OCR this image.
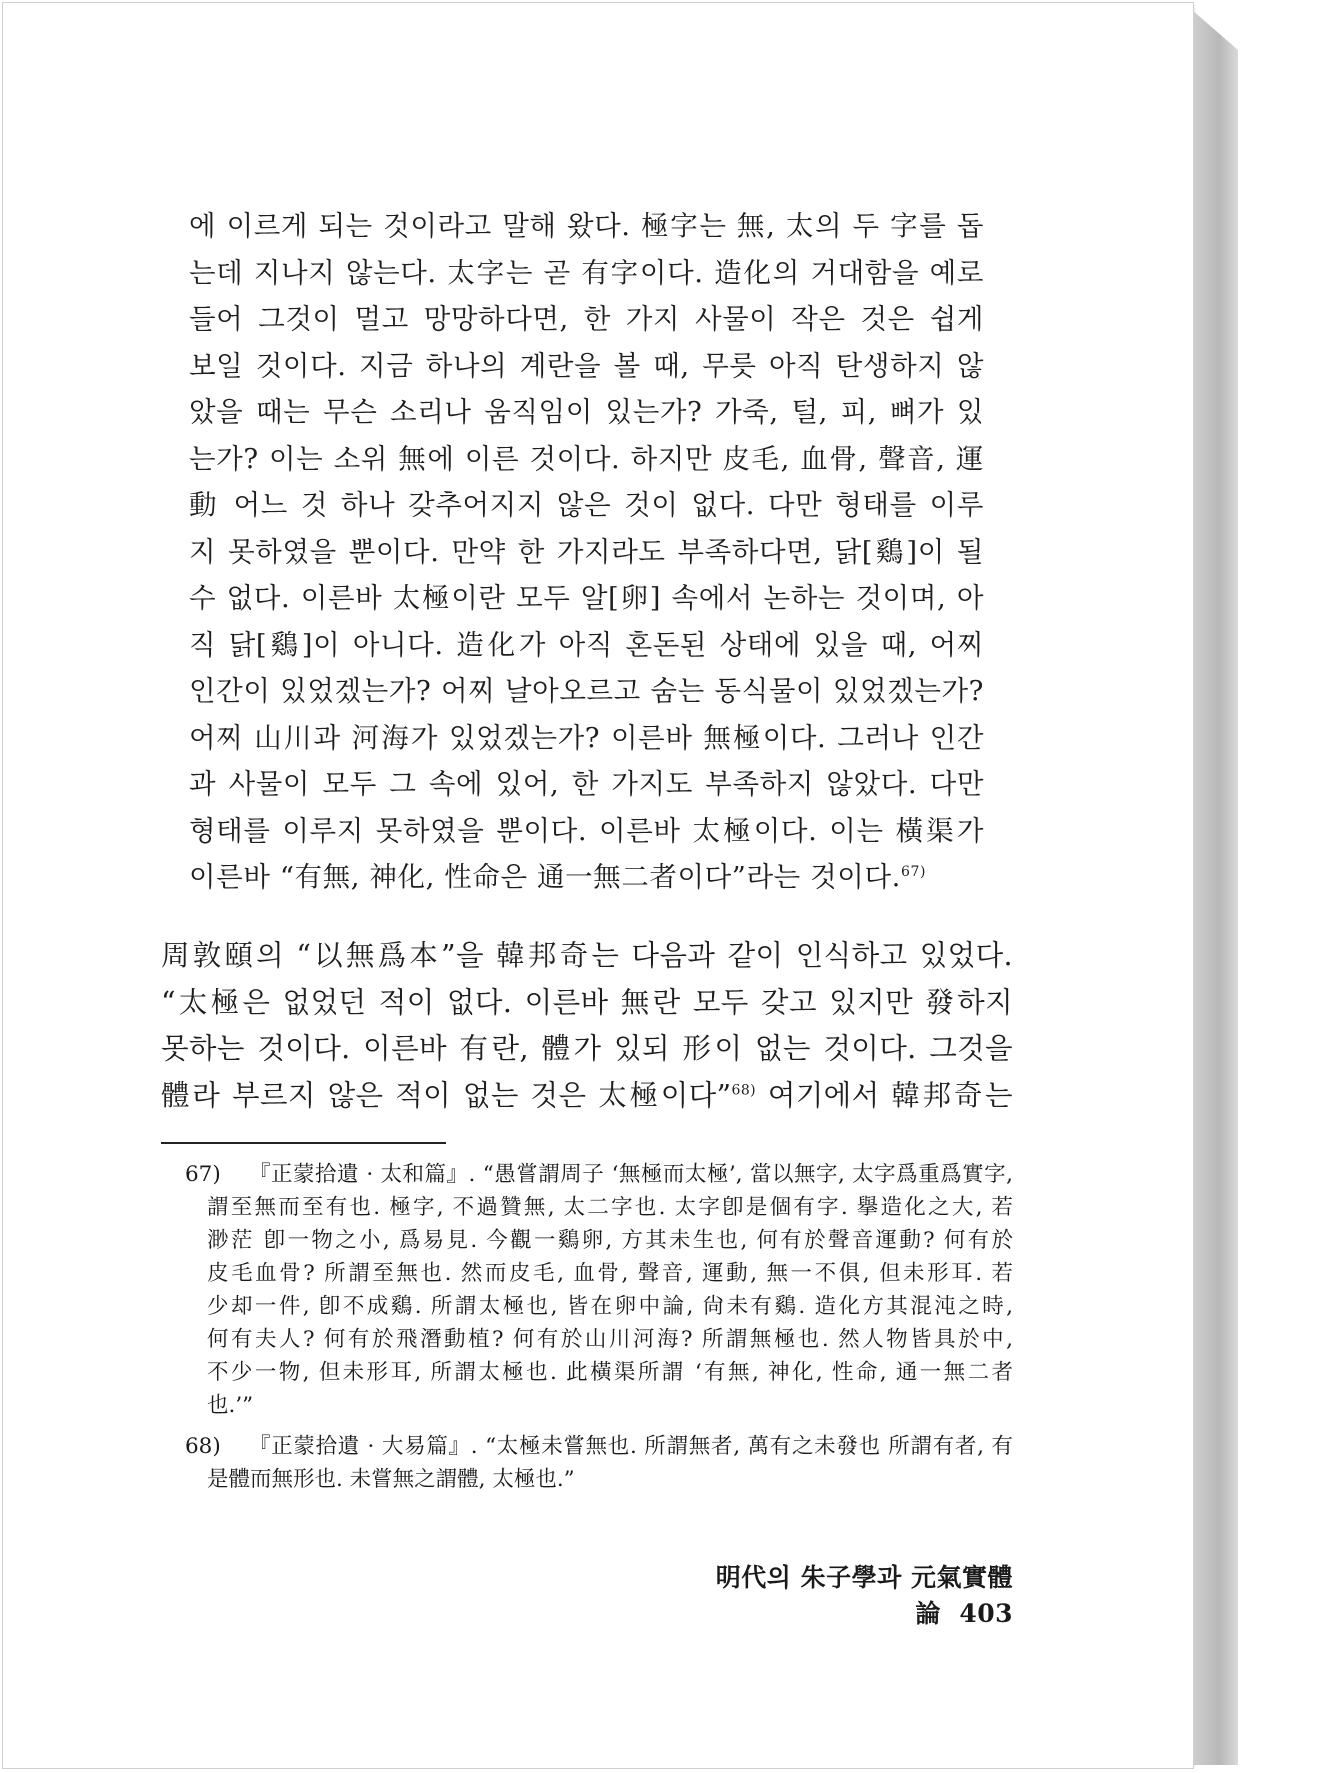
에 이르게 되는 것이라고 말해 왔다. 極字는 無, 太의 두 字를 돕

는데 지나지 않는다. 太字는 곧 有字이다. 造化의 거대함을 예로

들어 그것이 멀고 망망하다면, 한 가지 사물이 작은 것은 쉽게

보일 것이다. 지금 하나의 계란을 볼 때, 무릇 아직 탄생하지 않

았을 때는 무슨 소리나 움직임이 있는가? 가죽, 털, 피, 뼈가 있

는가? 이는 소위 無에 이른 것이다. 하지만 皮毛, 血骨, 聲音, 運

動 어느 것 하나 갖추어지지 않은 것이 없다. 다만 형태를 이루

지 못하였을 뿐이다. 만약 한 가지라도 부족하다면, 닭[鷄]이 될

수 없다. 이른바 太極이란 모두 알[卵] 속에서 논하는 것이며, 아

직 닭[鷄]이 아니다. 造化가 아직 혼돈된 상태에 있을 때, 어찌

인간이 있었겠는가? 어찌 날아오르고 숨는 동식물이 있었겠는가?

어찌 山川과 河海가 있었겠는가? 이른바 無極이다. 그러나 인간

과 사물이 모두 그 속에 있어, 한 가지도 부족하지 않았다. 다만

형태를 이루지 못하였을 뿐이다. 이른바 太極이다. 이는 橫渠가

이른바 “有無, 神化, 性命은 通一無二者이다”라는 것이다.$^{67)}$

周敦頤의 “以無爲本”을 韓邦奇는 다음과 같이 인식하고 있었다.

“太極은 없었던 적이 없다. 이른바 無란 모두 갖고 있지만 發하지

못하는 것이다. 이른바 有란, 體가 있되 形이 없는 것이다. 그것을

體라 부르지 않은 적이 없는 것은 太極이다”$^{68)}$ 여기에서 韓邦奇는

67) 『正蒙拾遺 · 太和篇』. “愚嘗謂周子 ‘無極而太極’, 當以無字, 太字爲重爲實字,
謂至無而至有也. 極字, 不過贊無, 太二字也. 太字卽是個有字. 擧造化之大, 若
渺茫 卽一物之小, 爲易見. 今觀一鷄卵, 方其未生也, 何有於聲音運動? 何有於
皮毛血骨? 所謂至無也. 然而皮毛, 血骨, 聲音, 運動, 無一不俱, 但未形耳. 若
少却一件, 卽不成鷄. 所謂太極也, 皆在卵中論, 尙未有鷄. 造化方其混沌之時,
何有夫人? 何有於飛潛動植? 何有於山川河海? 所謂無極也. 然人物皆具於中,
不少一物, 但未形耳, 所謂太極也. 此橫渠所謂 ‘有無, 神化, 性命, 通一無二者
也.’”
68) 『正蒙拾遺 · 大易篇』. “太極未嘗無也. 所謂無者, 萬有之未發也 所謂有者, 有
是體而無形也. 未嘗無之謂體, 太極也.”
明代의 朱子學과 元氣實體論 403
